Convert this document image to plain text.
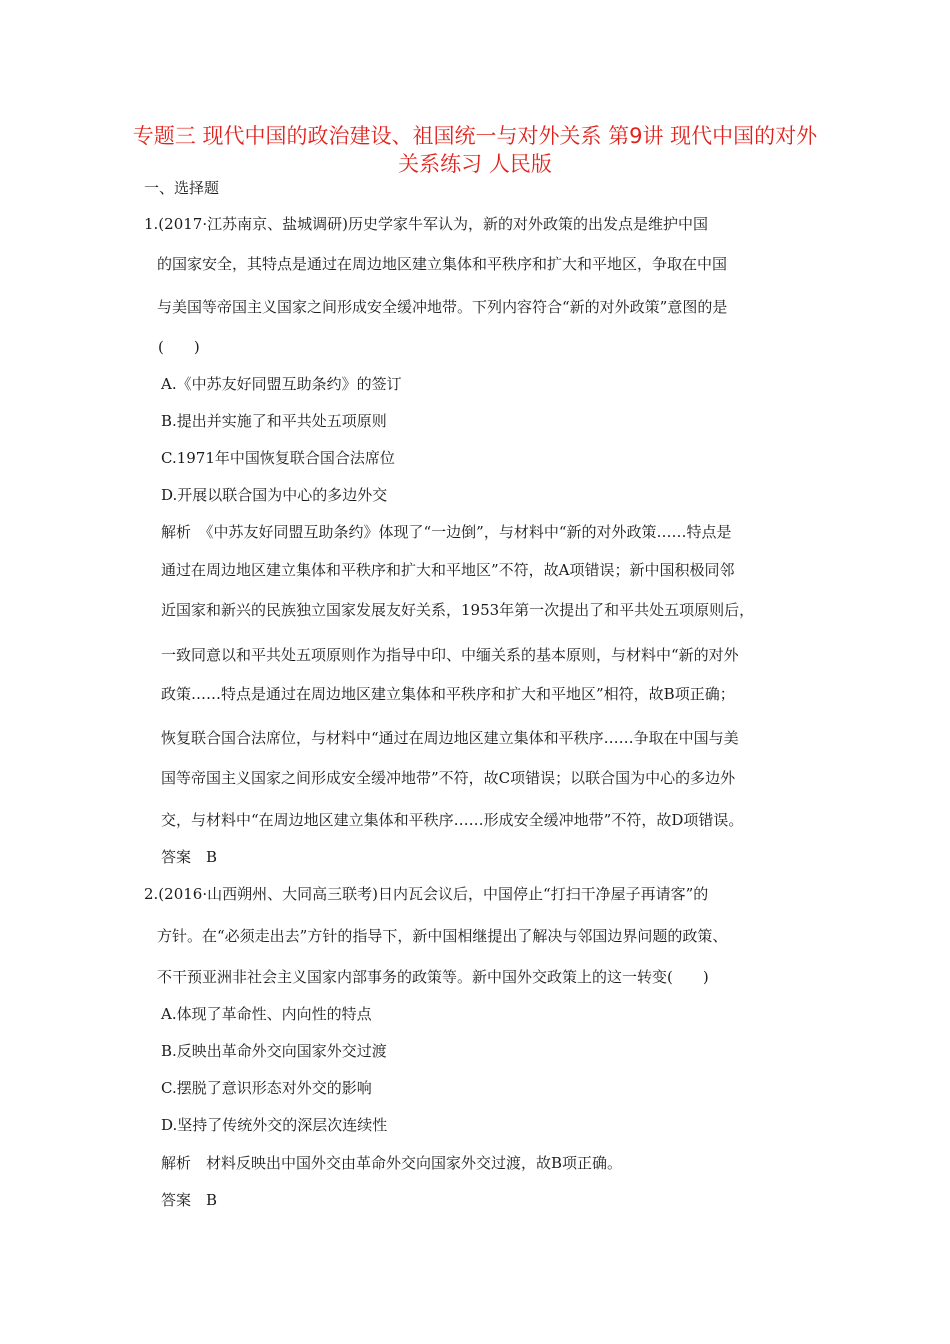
专题三 现代中国的政治建设、祖国统一与对外关系 第9讲 现代中国的对外关系练习 人民版
一、选择题
1.(2017·江苏南京、盐城调研)历史学家牛军认为，新的对外政策的出发点是维护中国
的国家安全，其特点是通过在周边地区建立集体和平秩序和扩大和平地区，争取在中国
与美国等帝国主义国家之间形成安全缓冲地带。下列内容符合“新的对外政策”意图的是
(　　)
A.《中苏友好同盟互助条约》的签订
B.提出并实施了和平共处五项原则
C.1971年中国恢复联合国合法席位
D.开展以联合国为中心的多边外交
解析　《中苏友好同盟互助条约》体现了“一边倒”，与材料中“新的对外政策……特点是
通过在周边地区建立集体和平秩序和扩大和平地区”不符，故A项错误；新中国积极同邻
近国家和新兴的民族独立国家发展友好关系，1953年第一次提出了和平共处五项原则后，
一致同意以和平共处五项原则作为指导中印、中缅关系的基本原则，与材料中“新的对外
政策……特点是通过在周边地区建立集体和平秩序和扩大和平地区”相符，故B项正确；
恢复联合国合法席位，与材料中“通过在周边地区建立集体和平秩序……争取在中国与美
国等帝国主义国家之间形成安全缓冲地带”不符，故C项错误；以联合国为中心的多边外
交，与材料中“在周边地区建立集体和平秩序……形成安全缓冲地带”不符，故D项错误。
答案　B
2.(2016·山西朔州、大同高三联考)日内瓦会议后，中国停止“打扫干净屋子再请客”的
方针。在“必须走出去”方针的指导下，新中国相继提出了解决与邻国边界问题的政策、
不干预亚洲非社会主义国家内部事务的政策等。新中国外交政策上的这一转变(　　)
A.体现了革命性、内向性的特点
B.反映出革命外交向国家外交过渡
C.摆脱了意识形态对外交的影响
D.坚持了传统外交的深层次连续性
解析　材料反映出中国外交由革命外交向国家外交过渡，故B项正确。
答案　B
